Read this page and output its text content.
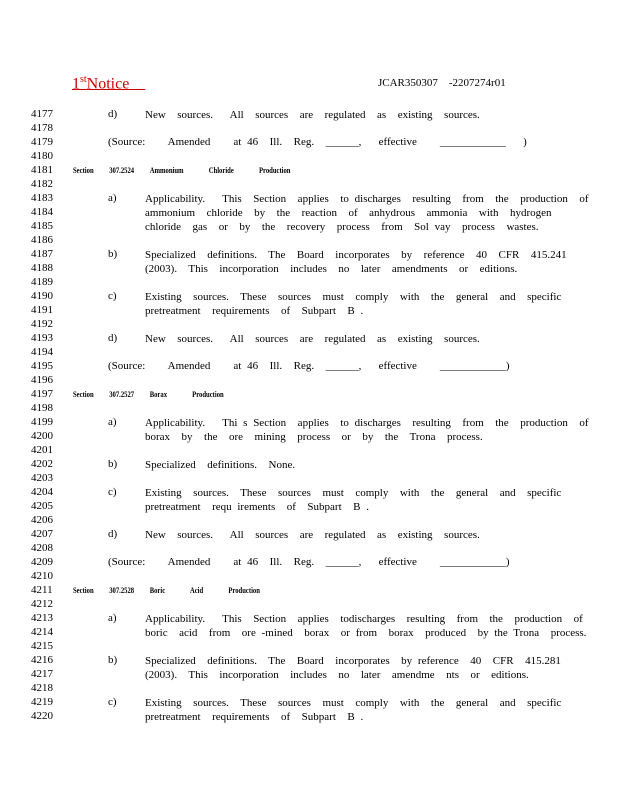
1stNotice	JCAR350307    -2207274r01
4177
4178
4179
4180
4181
4182
4183
4184
4185
4186
4187
4188
4189
4190
4191
4192
4193
4194
4195
4196
4197
4198
4199
4200
4201
4202
4203
4204
4205
4206
4207
4208
4209
4210
4211
4212
4213
4214
4215
4216
4217
4218
4219
4220
d)	New  sources.   All  sources  are  regulated  as  existing  sources.
(Source:    Amended    at 46  Ill.  Reg.  ______,   effective    ____________   )
Section 307.2524 Ammonium  Chloride  Production
a)	Applicability.   This  Section  applies  to discharges  resulting  from  the  production  of
ammonium  chloride  by  the  reaction  of  anhydrous  ammonia  with  hydrogen
chloride  gas  or  by  the  recovery  process  from  Sol vay  process  wastes.
b)	Specialized  definitions.  The  Board  incorporates  by  reference  40  CFR  415.241
(2003).  This  incorporation  includes  no  later  amendments  or  editions.
c)	Existing  sources.  These  sources  must  comply  with  the  general  and  specific
pretreatment  requirements  of  Subpart  B .
d)	New  sources.   All  sources  are  regulated  as  existing  sources.
(Source:    Amended    at 46  Ill.  Reg.  ______,   effective    ____________)
Section 307.2527 Borax  Production
a)	Applicability.   Thi s Section  applies  to discharges  resulting  from  the  production  of
borax  by  the  ore  mining  process  or  by  the  Trona  process.
b)	Specialized  definitions.  None.
c)	Existing  sources.  These  sources  must  comply  with  the  general  and  specific
pretreatment  requ irements  of  Subpart  B .
d)	New  sources.   All  sources  are  regulated  as  existing  sources.
(Source:    Amended    at 46  Ill.  Reg.  ______,   effective    ____________)
Section 307.2528 Boric  Acid  Production
a)	Applicability.   This  Section  applies  todischarges  resulting  from  the  production  of
boric  acid  from  ore -mined  borax  or from  borax  produced  by the Trona  process.
b)	Specialized  definitions.  The  Board  incorporates  by reference  40  CFR  415.281
(2003).  This  incorporation  includes  no  later  amendme  nts  or  editions.
c)	Existing  sources.  These  sources  must  comply  with  the  general  and  specific
pretreatment  requirements  of  Subpart  B .
